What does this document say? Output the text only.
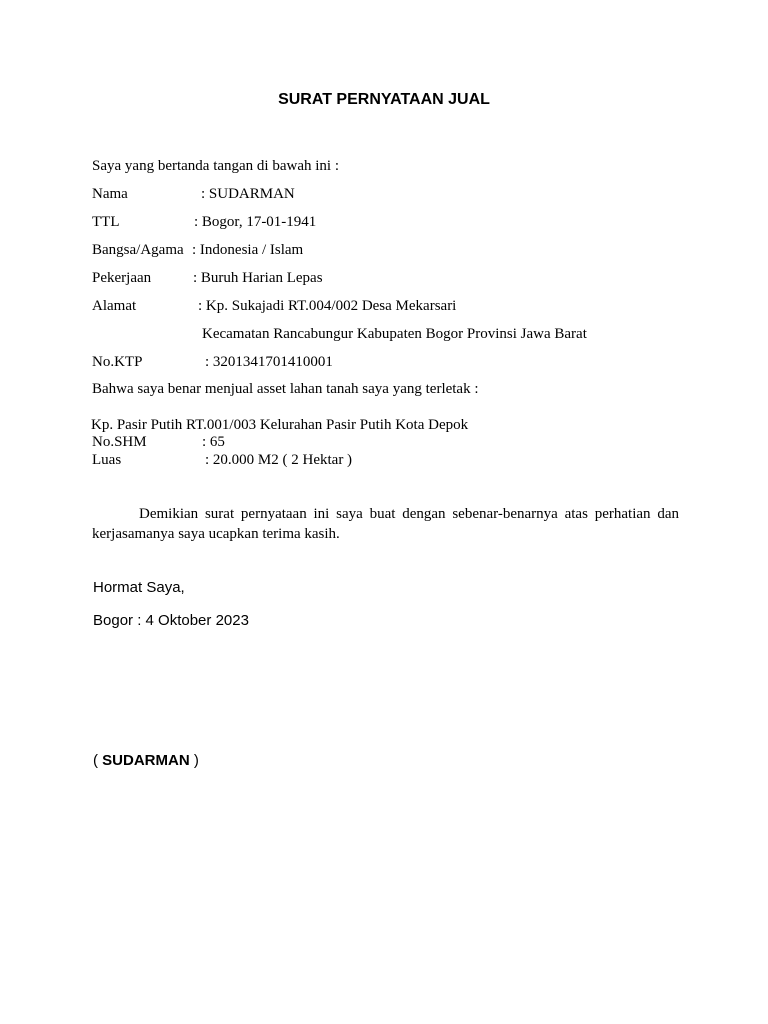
SURAT PERNYATAAN JUAL
Saya yang bertanda tangan di bawah ini :
Nama	: SUDARMAN
TTL	: Bogor, 17-01-1941
Bangsa/Agama : Indonesia / Islam
Pekerjaan	: Buruh Harian Lepas
Alamat	: Kp. Sukajadi RT.004/002 Desa Mekarsari
Kecamatan Rancabungur Kabupaten Bogor Provinsi Jawa Barat
No.KTP	: 3201341701410001
Bahwa saya benar menjual asset lahan tanah saya yang terletak :
Kp. Pasir Putih RT.001/003 Kelurahan Pasir Putih Kota Depok
No.SHM	: 65
Luas	: 20.000 M2 ( 2 Hektar )
Demikian surat pernyataan ini saya buat dengan sebenar-benarnya atas perhatian dan kerjasamanya saya ucapkan terima kasih.
Hormat Saya,
Bogor : 4 Oktober 2023
( SUDARMAN )
